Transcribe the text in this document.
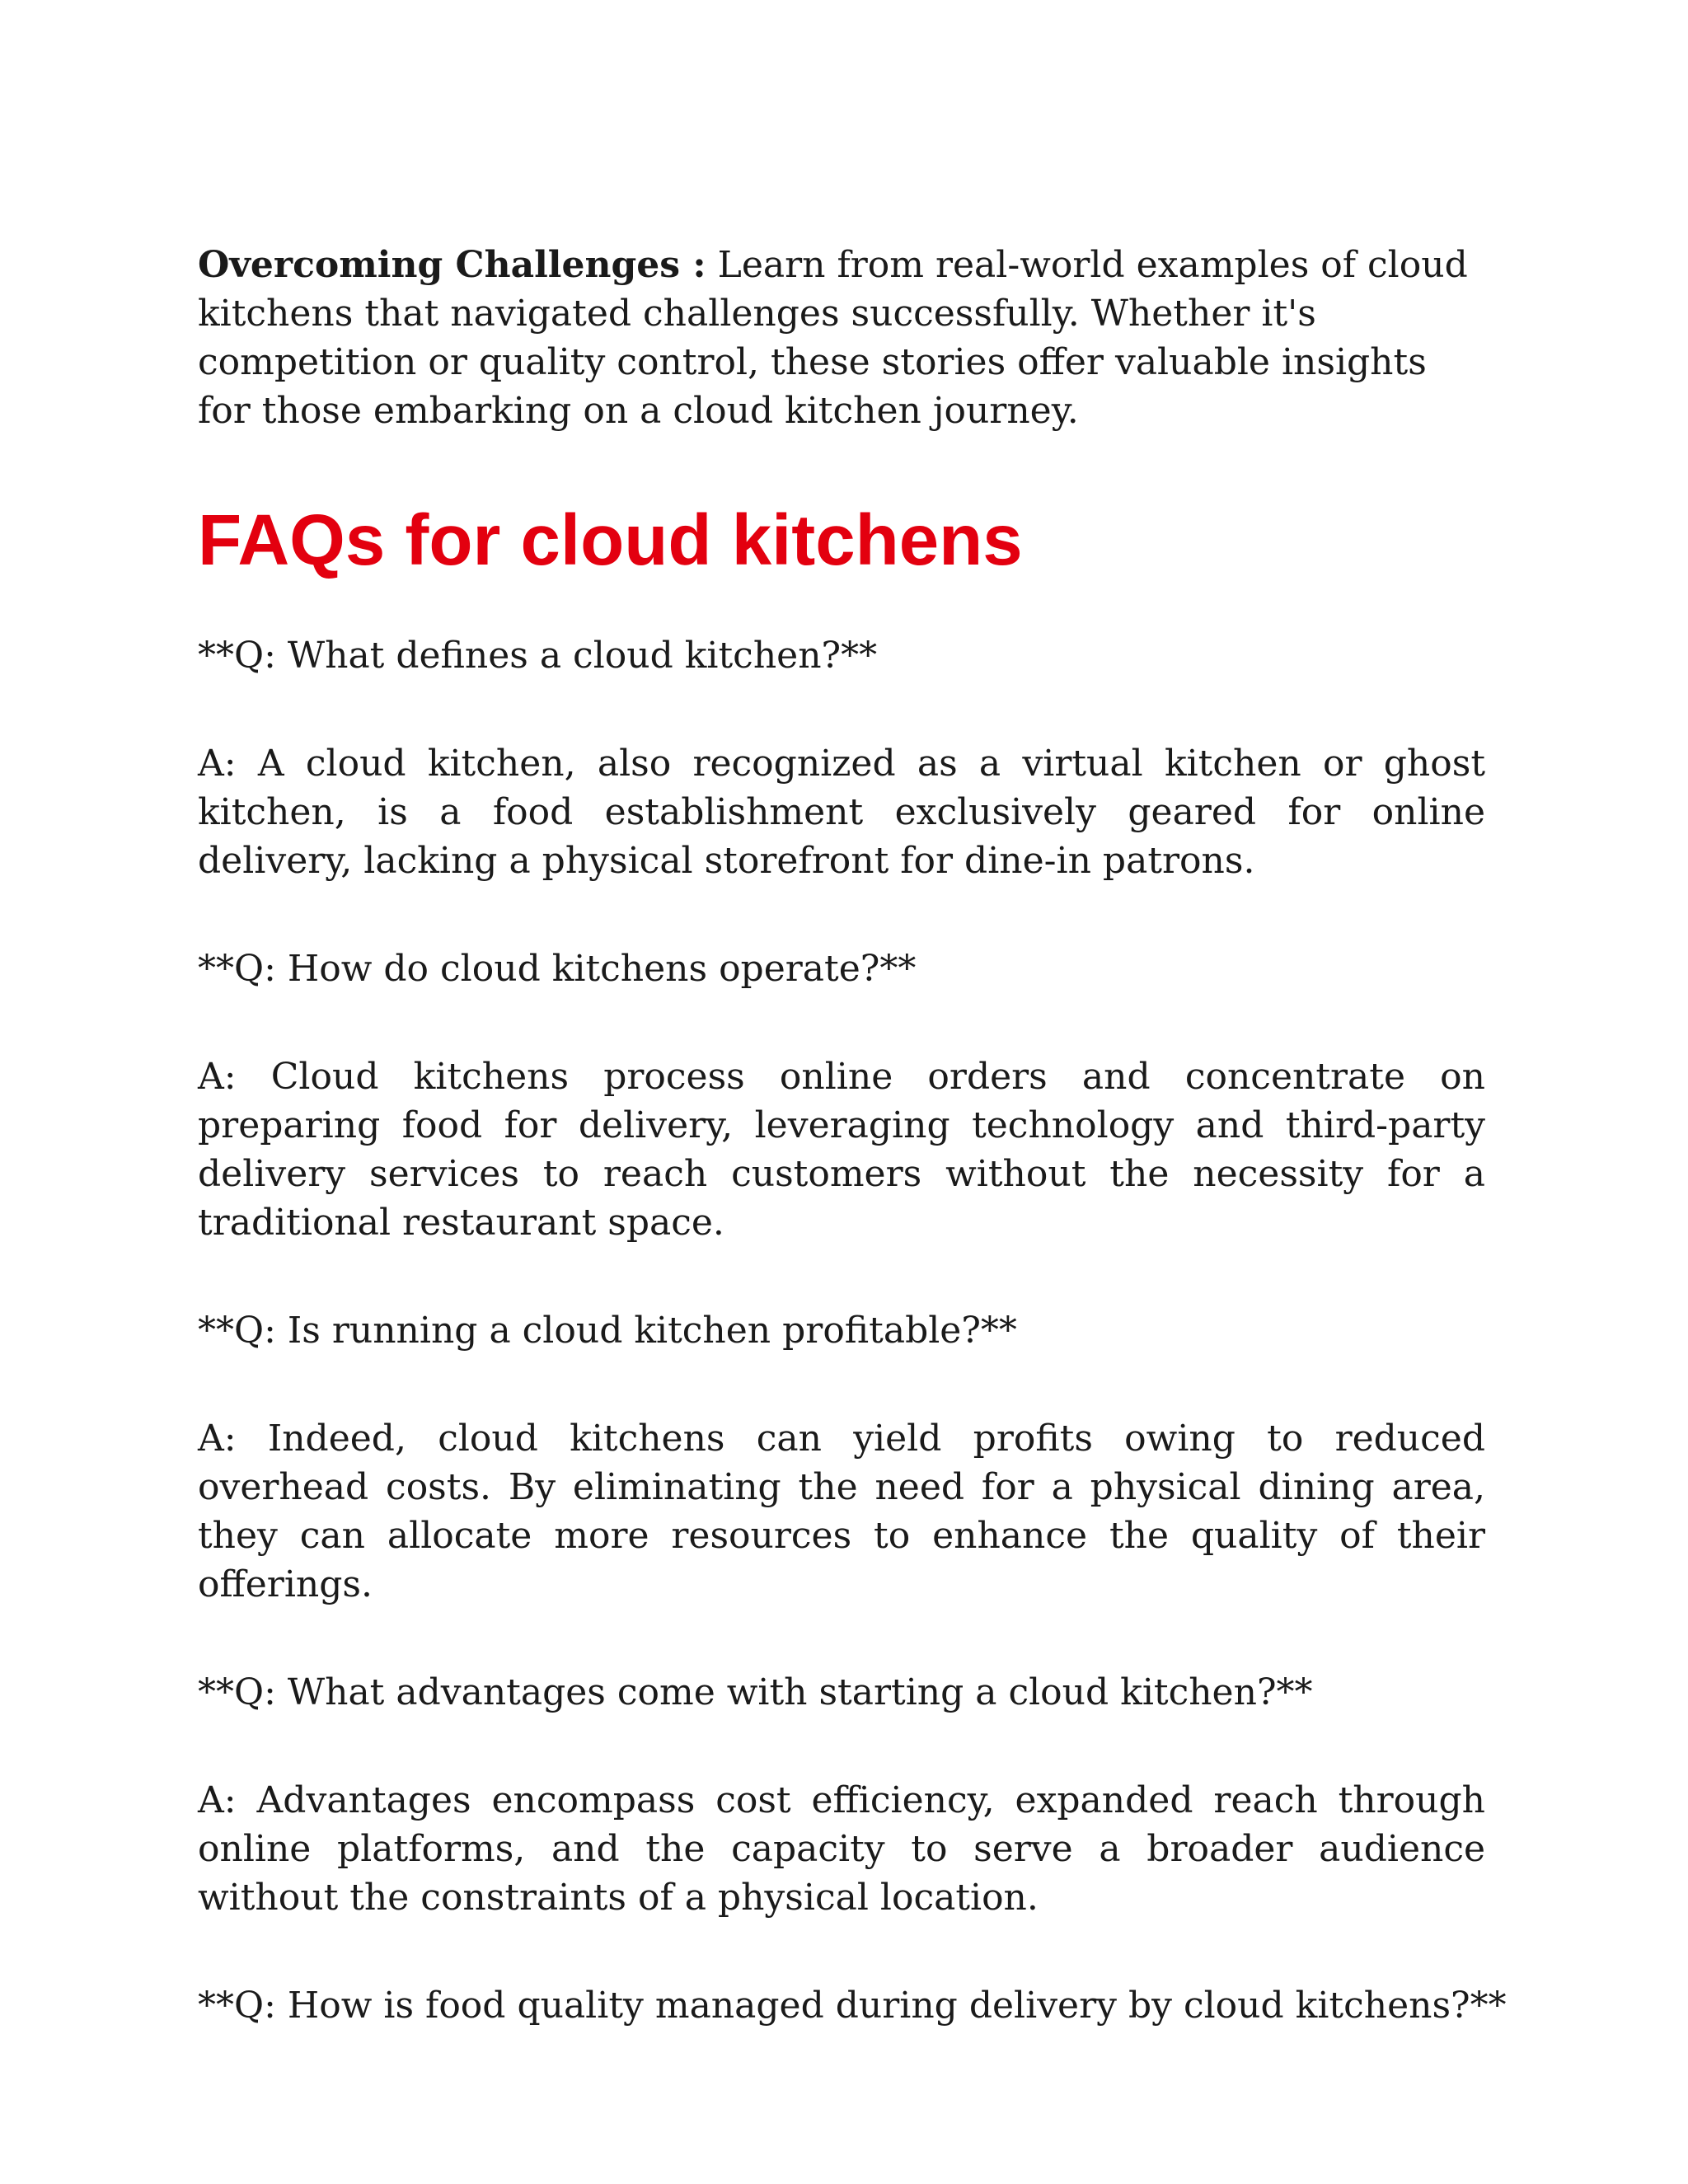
Overcoming Challenges : Learn from real-world examples of cloud kitchens that navigated challenges successfully. Whether it's competition or quality control, these stories offer valuable insights for those embarking on a cloud kitchen journey.

FAQs for cloud kitchens

**Q: What defines a cloud kitchen?**

A: A cloud kitchen, also recognized as a virtual kitchen or ghost kitchen, is a food establishment exclusively geared for online delivery, lacking a physical storefront for dine-in patrons.

**Q: How do cloud kitchens operate?**

A: Cloud kitchens process online orders and concentrate on preparing food for delivery, leveraging technology and third-party delivery services to reach customers without the necessity for a traditional restaurant space.

**Q: Is running a cloud kitchen profitable?**

A: Indeed, cloud kitchens can yield profits owing to reduced overhead costs. By eliminating the need for a physical dining area, they can allocate more resources to enhance the quality of their offerings.

**Q: What advantages come with starting a cloud kitchen?**

A: Advantages encompass cost efficiency, expanded reach through online platforms, and the capacity to serve a broader audience without the constraints of a physical location.

**Q: How is food quality managed during delivery by cloud kitchens?**
